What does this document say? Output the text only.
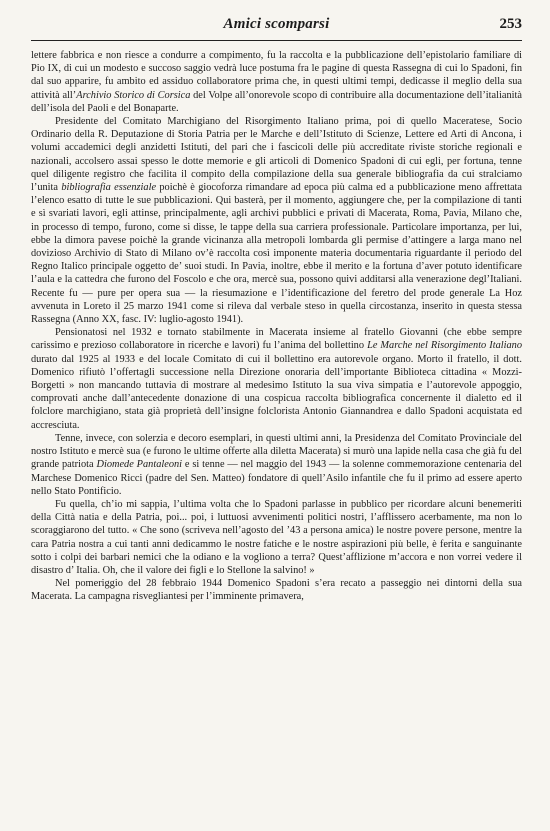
Amici scomparsi	253

lettere fabbrica e non riesce a condurre a compimento, fu la raccolta e la pubblicazione dell’epistolario familiare di Pio IX, di cui un modesto e succoso saggio vedrà luce postuma fra le pagine di questa Rassegna di cui lo Spadoni, fin dal suo apparire, fu ambito ed assiduo collaboratore prima che, in questi ultimi tempi, dedicasse il meglio della sua attività all’Archivio Storico di Corsica del Volpe all’onorevole scopo di contribuire alla documentazione dell’italianità dell’isola del Paoli e del Bonaparte.

Presidente del Comitato Marchigiano del Risorgimento Italiano prima, poi di quello Maceratese, Socio Ordinario della R. Deputazione di Storia Patria per le Marche e dell’Istituto di Scienze, Lettere ed Arti di Ancona, i volumi accademici degli anzidetti Istituti, del pari che i fascicoli delle più accreditate riviste storiche regionali e nazionali, accolsero assai spesso le dotte memorie e gli articoli di Domenico Spadoni di cui egli, per fortuna, tenne quel diligente registro che facilita il compito della compilazione della sua generale bibliografia da cui stralciamo l’unita bibliografia essenziale poichè è giocoforza rimandare ad epoca più calma ed a pubblicazione meno affrettata l’elenco esatto di tutte le sue pubblicazioni. Qui basterà, per il momento, aggiungere che, per la compilazione di tanti e sì svariati lavori, egli attinse, principalmente, agli archivi pubblici e privati di Macerata, Roma, Pavia, Milano che, in processo di tempo, furono, come si disse, le tappe della sua carriera professionale. Particolare importanza, per lui, ebbe la dimora pavese poichè la grande vicinanza alla metropoli lombarda gli permise d’attingere a larga mano nel dovizioso Archivio di Stato di Milano ov’è raccolta così imponente materia documentaria riguardante il periodo del Regno Italico principale oggetto de’ suoi studi. In Pavia, inoltre, ebbe il merito e la fortuna d’aver potuto identificare l’aula e la cattedra che furono del Foscolo e che ora, mercè sua, possono quivi additarsi alla venerazione degl’Italiani. Recente fu — pure per opera sua — la riesumazione e l’identificazione del feretro del prode generale La Hoz avvenuta in Loreto il 25 marzo 1941 come si rileva dal verbale steso in quella circostanza, inserito in questa stessa Rassegna (Anno XX, fasc. IV: luglio-agosto 1941).

Pensionatosi nel 1932 e tornato stabilmente in Macerata insieme al fratello Giovanni (che ebbe sempre carissimo e prezioso collaboratore in ricerche e lavori) fu l’anima del bollettino Le Marche nel Risorgimento Italiano durato dal 1925 al 1933 e del locale Comitato di cui il bollettino era autorevole organo. Morto il fratello, il dott. Domenico rifiutò l’offertagli successione nella Direzione onoraria dell’importante Biblioteca cittadina « Mozzi-Borgetti » non mancando tuttavia di mostrare al medesimo Istituto la sua viva simpatia e l’autorevole appoggio, comprovati anche dall’antecedente donazione di una cospicua raccolta bibliografica concernente il dialetto ed il folclore marchigiano, stata già proprietà dell’insigne folclorista Antonio Giannandrea e dallo Spadoni acquistata ed accresciuta.

Tenne, invece, con solerzia e decoro esemplari, in questi ultimi anni, la Presidenza del Comitato Provinciale del nostro Istituto e mercè sua (e furono le ultime offerte alla diletta Macerata) si murò una lapide nella casa che già fu del grande patriota Diomede Pantaleoni e si tenne — nel maggio del 1943 — la solenne commemorazione centenaria del Marchese Domenico Ricci (padre del Sen. Matteo) fondatore di quell’Asilo infantile che fu il primo ad essere aperto nello Stato Pontificio.

Fu quella, ch’io mi sappia, l’ultima volta che lo Spadoni parlasse in pubblico per ricordare alcuni benemeriti della Città natia e della Patria, poi... poi, i luttuosi avvenimenti politici nostri, l’afflissero acerbamente, ma non lo scoraggiarono del tutto. « Che sono (scriveva nell’agosto del ’43 a persona amica) le nostre povere persone, mentre la cara Patria nostra a cui tanti anni dedicammo le nostre fatiche e le nostre aspirazioni più belle, è ferita e sanguinante sotto i colpi dei barbari nemici che la odiano e la vogliono a terra? Quest’afflizione m’accora e non vorrei vedere il disastro d’ Italia. Oh, che il valore dei figli e lo Stellone la salvino! »

Nel pomeriggio del 28 febbraio 1944 Domenico Spadoni s’era recato a passeggio nei dintorni della sua Macerata. La campagna risvegliantesi per l’imminente primavera,
